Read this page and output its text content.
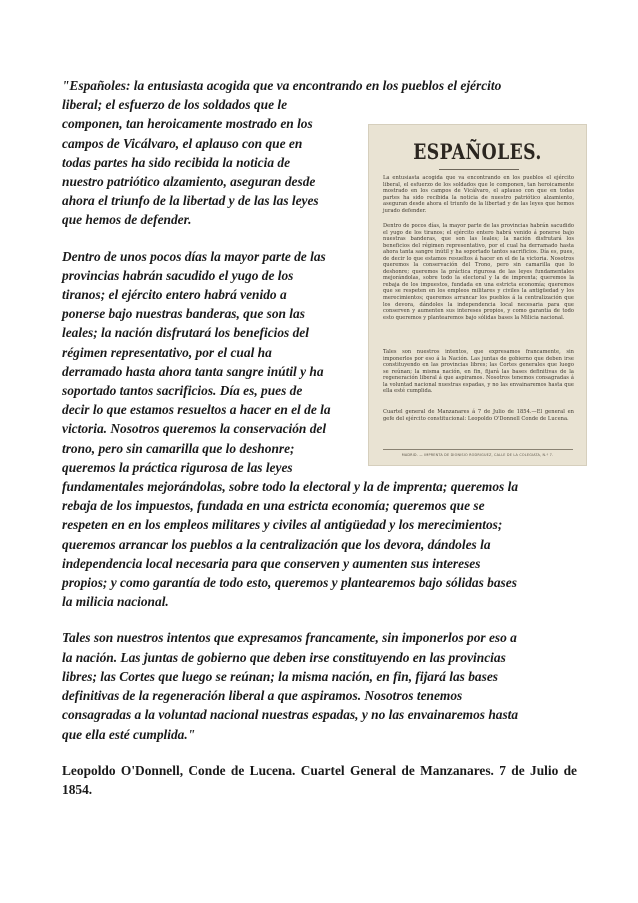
"Españoles: la entusiasta acogida que va encontrando en los pueblos el ejército
liberal; el esfuerzo de los soldados que le
componen, tan heroicamente mostrado en los
campos de Vicálvaro, el aplauso con que en
todas partes ha sido recibida la noticia de
nuestro patriótico alzamiento, aseguran desde
ahora el triunfo de la libertad y de las las leyes
que hemos de defender.

Dentro de unos pocos días la mayor parte de las
provincias habrán sacudido el yugo de los
tiranos; el ejército entero habrá venido a
ponerse bajo nuestras banderas, que son las
leales; la nación disfrutará los beneficios del
régimen representativo, por el cual ha
derramado hasta ahora tanta sangre inútil y ha
soportado tantos sacrificios. Día es, pues de
decir lo que estamos resueltos a hacer en el de la
victoria. Nosotros queremos la conservación del
trono, pero sin camarilla que lo deshonre;
queremos la práctica rigurosa de las leyes
fundamentales mejorándolas, sobre todo la electoral y la de imprenta; queremos la
rebaja de los impuestos, fundada en una estricta economía; queremos que se
respeten en en los empleos militares y civiles al antigüedad y los merecimientos;
queremos arrancar los pueblos a la centralización que los devora, dándoles la
independencia local necesaria para que conserven y aumenten sus intereses
propios; y como garantía de todo esto, queremos y plantearemos bajo sólidas bases
la milicia nacional.

Tales son nuestros intentos que expresamos francamente, sin imponerlos por eso a
la nación. Las juntas de gobierno que deben irse constituyendo en las provincias
libres; las Cortes que luego se reúnan; la misma nación, en fin, fijará las bases
definitivas de la regeneración liberal a que aspiramos. Nosotros tenemos
consagradas a la voluntad nacional nuestras espadas, y no las envainaremos hasta
que ella esté cumplida."

Leopoldo O'Donnell, Conde de Lucena. Cuartel General de Manzanares. 7 de Julio de 1854.

ESPAÑOLES.
La entusiasta acogida que va encontrando en los pueblos el ejército liberal, el esfuerzo de los soldados que le componen, tan heroicamente mostrado en los campos de Vicálvaro, el aplauso con que en todas partes ha sido recibida la noticia de nuestro patriótico alzamiento, aseguran desde ahora el triunfo de la libertad y de las leyes que hemos jurado defender.
Dentro de pocos días, la mayor parte de las provincias habrán sacudido el yugo de los tiranos; el ejército entero habrá venido á ponerse bajo nuestras banderas, que son las leales; la nación disfrutará los beneficios del régimen representativo, por el cual ha derramado hasta ahora tanta sangre inútil y ha soportado tantos sacrificios. Día es, pues, de decir lo que estamos resueltos á hacer en el de la victoria. Nosotros queremos la conservación del Trono, pero sin camarilla que lo deshonre; queremos la práctica rigurosa de las leyes fundamentales mejorándolas, sobre todo la electoral y la de imprenta; queremos la rebaja de los impuestos, fundada en una estricta economía; queremos que se respeten en los empleos militares y civiles la antigüedad y los merecimientos; queremos arrancar los pueblos á la centralización que los devora, dándoles la independencia local necesaria para que conserven y aumenten sus intereses propios, y como garantía de todo esto queremos y plantearemos bajo sólidas bases la Milicia nacional.
Tales son nuestros intentos, que expresamos francamente, sin imponerlos por eso á la Nación. Las juntas de gobierno que deben irse constituyendo en las provincias libres; las Cortes generales que luego se reúnan; la misma nación, en fin, fijará las bases definitivas de la regeneración liberal á que aspiramos. Nosotros tenemos consagradas á la voluntad nacional nuestras espadas, y no las envainaremos hasta que ella esté cumplida.
Cuartel general de Manzanares á 7 de Julio de 1854.—El general en gefe del ejército constitucional: Leopoldo O'Donnell Conde de Lucena.
MADRID. — IMPRENTA DE DIONISIO RODRIGUEZ, CALLE DE LA COLEGIATA, N.º 7.
